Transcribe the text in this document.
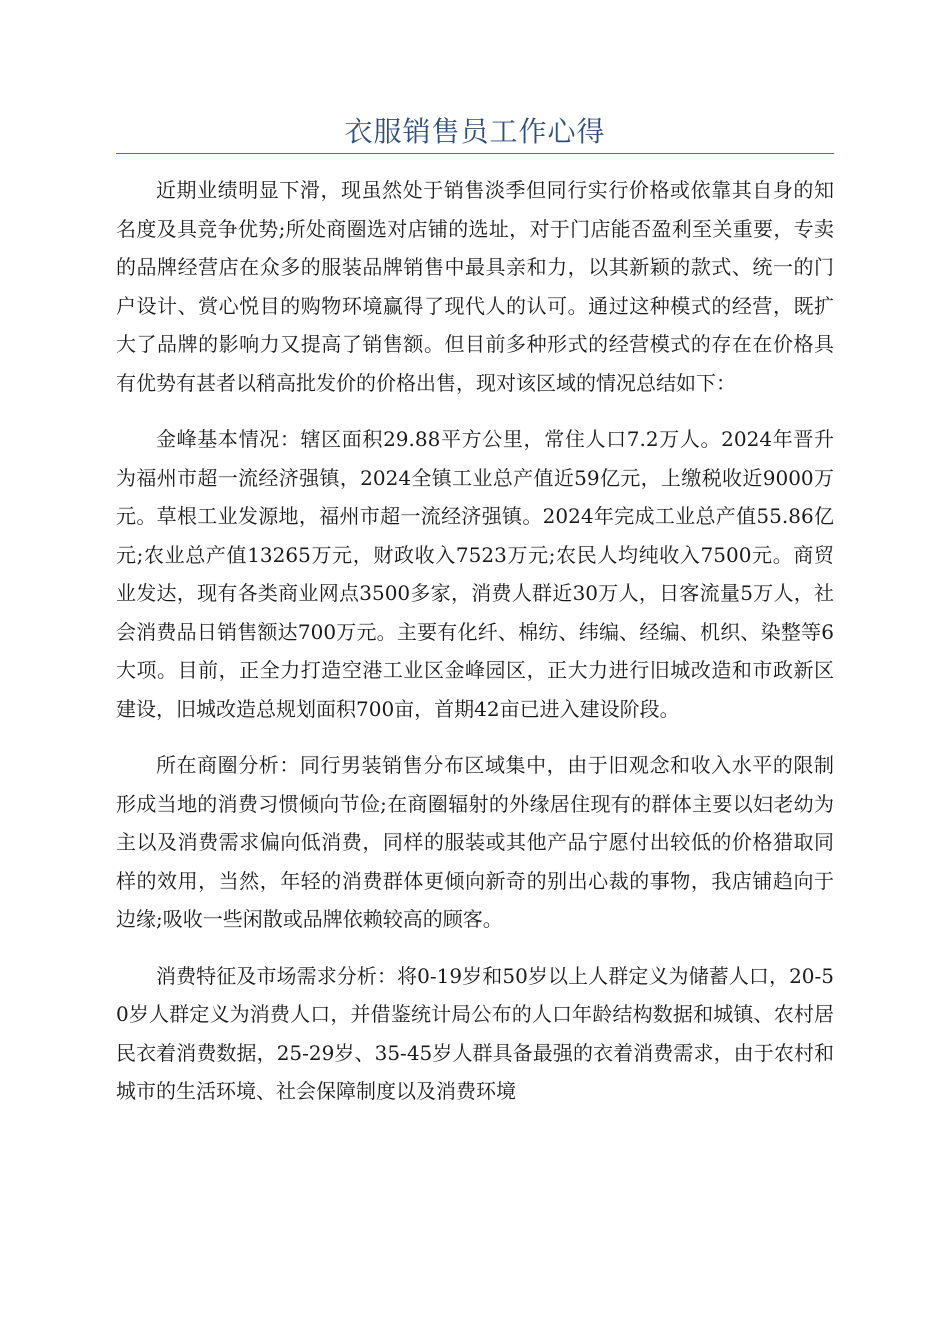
衣服销售员工作心得

近期业绩明显下滑，现虽然处于销售淡季但同行实行价格或依靠其自身的知名度及具竞争优势;所处商圈选对店铺的选址，对于门店能否盈利至关重要，专卖的品牌经营店在众多的服装品牌销售中最具亲和力，以其新颖的款式、统一的门户设计、赏心悦目的购物环境赢得了现代人的认可。通过这种模式的经营，既扩大了品牌的影响力又提高了销售额。但目前多种形式的经营模式的存在在价格具有优势有甚者以稍高批发价的价格出售，现对该区域的情况总结如下：

金峰基本情况：辖区面积29.88平方公里，常住人口7.2万人。2024年晋升为福州市超一流经济强镇，2024全镇工业总产值近59亿元，上缴税收近9000万元。草根工业发源地，福州市超一流经济强镇。2024年完成工业总产值55.86亿元;农业总产值13265万元，财政收入7523万元;农民人均纯收入7500元。商贸业发达，现有各类商业网点3500多家，消费人群近30万人，日客流量5万人，社会消费品日销售额达700万元。主要有化纤、棉纺、纬编、经编、机织、染整等6大项。目前，正全力打造空港工业区金峰园区，正大力进行旧城改造和市政新区建设，旧城改造总规划面积700亩，首期42亩已进入建设阶段。

所在商圈分析：同行男装销售分布区域集中，由于旧观念和收入水平的限制形成当地的消费习惯倾向节俭;在商圈辐射的外缘居住现有的群体主要以妇老幼为主以及消费需求偏向低消费，同样的服装或其他产品宁愿付出较低的价格猎取同样的效用，当然，年轻的消费群体更倾向新奇的别出心裁的事物，我店铺趋向于边缘;吸收一些闲散或品牌依赖较高的顾客。

消费特征及市场需求分析：将0-19岁和50岁以上人群定义为储蓄人口，20-50岁人群定义为消费人口，并借鉴统计局公布的人口年龄结构数据和城镇、农村居民衣着消费数据，25-29岁、35-45岁人群具备最强的衣着消费需求，由于农村和城市的生活环境、社会保障制度以及消费环境
